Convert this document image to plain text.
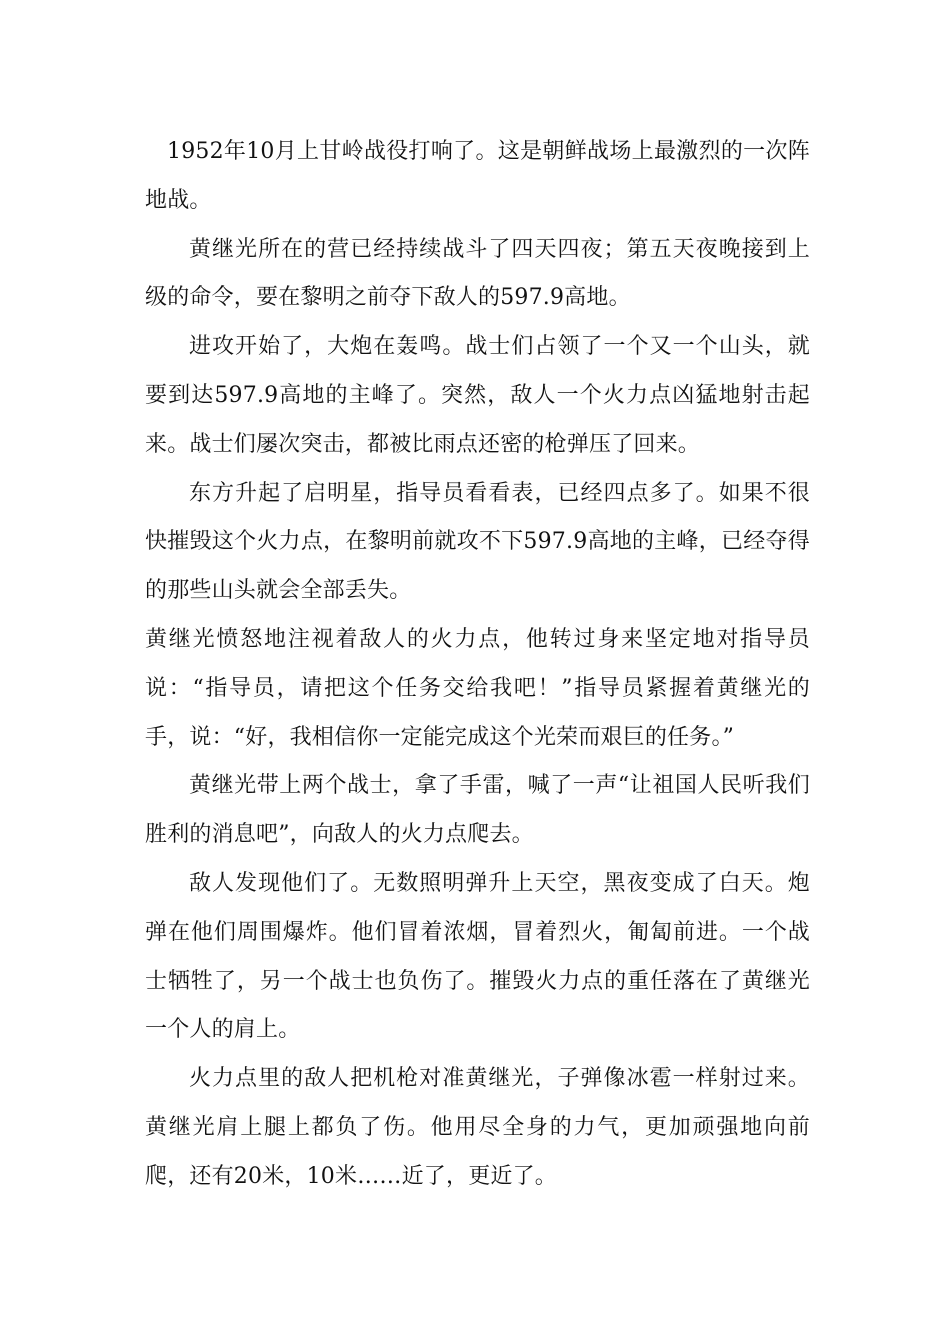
1952年10月上甘岭战役打响了。这是朝鲜战场上最激烈的一次阵地战。

黄继光所在的营已经持续战斗了四天四夜；第五天夜晚接到上级的命令，要在黎明之前夺下敌人的597.9高地。

进攻开始了，大炮在轰鸣。战士们占领了一个又一个山头，就要到达597.9高地的主峰了。突然，敌人一个火力点凶猛地射击起来。战士们屡次突击，都被比雨点还密的枪弹压了回来。

东方升起了启明星，指导员看看表，已经四点多了。如果不很快摧毁这个火力点，在黎明前就攻不下597.9高地的主峰，已经夺得的那些山头就会全部丢失。

黄继光愤怒地注视着敌人的火力点，他转过身来坚定地对指导员说：“指导员，请把这个任务交给我吧！”指导员紧握着黄继光的手，说：“好，我相信你一定能完成这个光荣而艰巨的任务。”

黄继光带上两个战士，拿了手雷，喊了一声“让祖国人民听我们胜利的消息吧”，向敌人的火力点爬去。

敌人发现他们了。无数照明弹升上天空，黑夜变成了白天。炮弹在他们周围爆炸。他们冒着浓烟，冒着烈火，匍匐前进。一个战士牺牲了，另一个战士也负伤了。摧毁火力点的重任落在了黄继光一个人的肩上。

火力点里的敌人把机枪对准黄继光，子弹像冰雹一样射过来。黄继光肩上腿上都负了伤。他用尽全身的力气，更加顽强地向前爬，还有20米，10米……近了，更近了。
